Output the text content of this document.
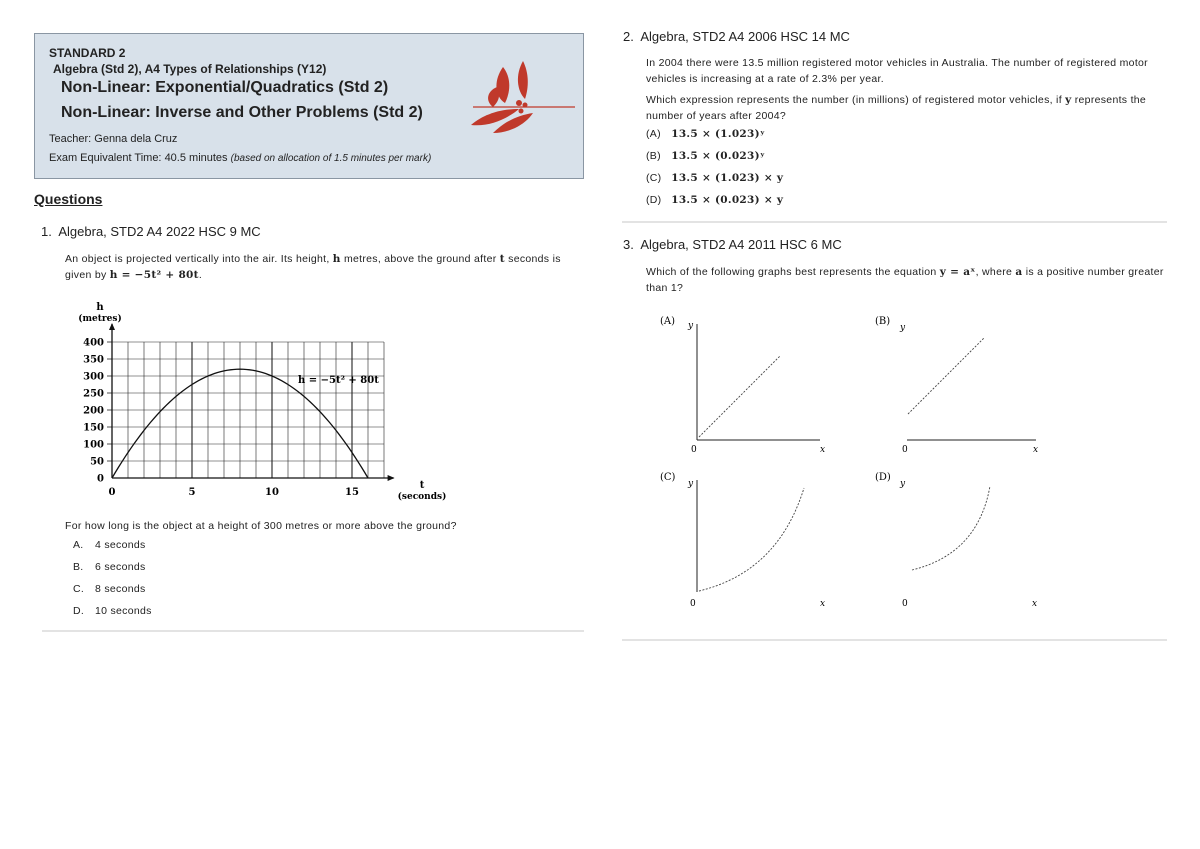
STANDARD 2
Algebra (Std 2), A4 Types of Relationships (Y12)
Non-Linear: Exponential/Quadratics (Std 2)
Non-Linear: Inverse and Other Problems (Std 2)
Teacher: Genna dela Cruz
Exam Equivalent Time: 40.5 minutes (based on allocation of 1.5 minutes per mark)
Questions
1. Algebra, STD2 A4 2022 HSC 9 MC
An object is projected vertically into the air. Its height, h metres, above the ground after t seconds is given by h = −5t² + 80t.
0
50
100
150
200
250
300
350
400
0	5	10	15
h
(metres)
t
(seconds)
h = −5t² + 80t
For how long is the object at a height of 300 metres or more above the ground?
A. 4 seconds
B. 6 seconds
C. 8 seconds
D. 10 seconds
2. Algebra, STD2 A4 2006 HSC 14 MC
In 2004 there were 13.5 million registered motor vehicles in Australia. The number of registered motor vehicles is increasing at a rate of 2.3% per year.
Which expression represents the number (in millions) of registered motor vehicles, if y represents the number of years after 2004?
(A) 13.5 × (1.023)ʸ
(B) 13.5 × (0.023)ʸ
(C) 13.5 × (1.023) × y
(D) 13.5 × (0.023) × y
3. Algebra, STD2 A4 2011 HSC 6 MC
Which of the following graphs best represents the equation y = aˣ, where a is a positive number greater than 1?
(A) y
0	x
(B)
y
0	x
(C)
y
0	x
(D)
y
0	x
